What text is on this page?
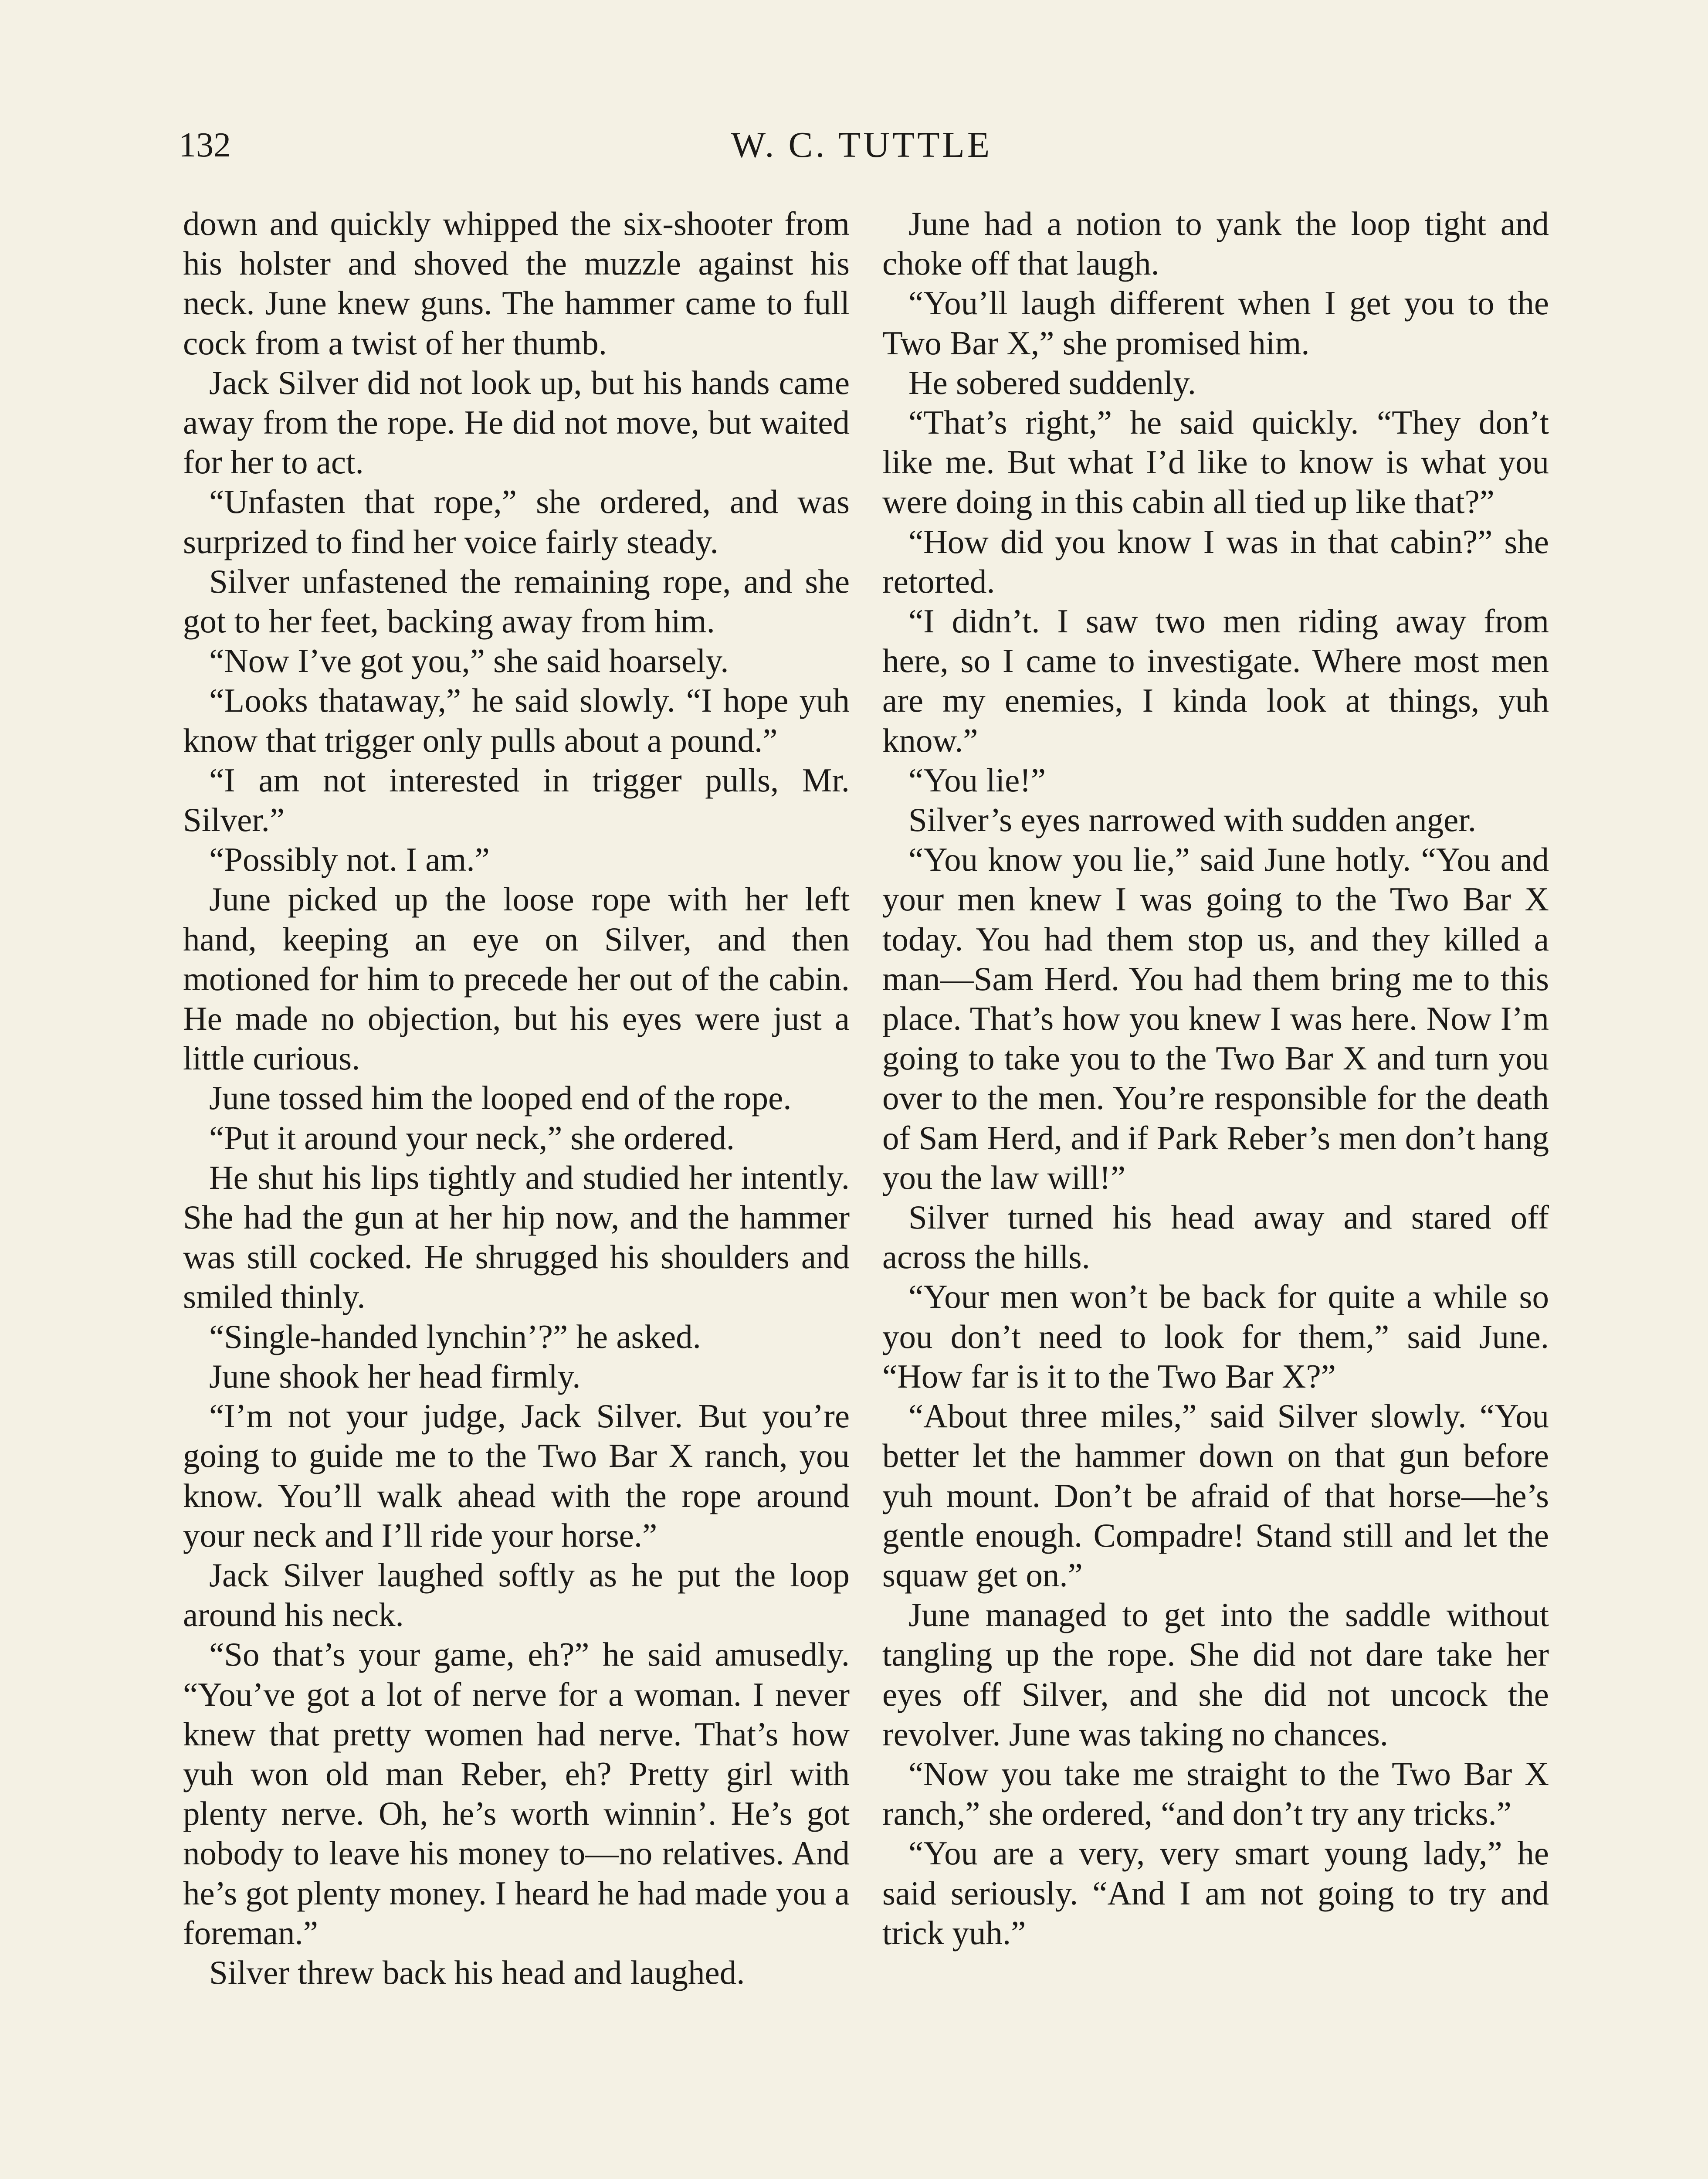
132	W. C. TUTTLE

down and quickly whipped the six-shooter from his holster and shoved the muzzle against his neck. June knew guns. The hammer came to full cock from a twist of her thumb.

Jack Silver did not look up, but his hands came away from the rope. He did not move, but waited for her to act.

“Unfasten that rope,” she ordered, and was surprized to find her voice fairly steady.

Silver unfastened the remaining rope, and she got to her feet, backing away from him.

“Now I’ve got you,” she said hoarsely.

“Looks thataway,” he said slowly. “I hope yuh know that trigger only pulls about a pound.”

“I am not interested in trigger pulls, Mr. Silver.”

“Possibly not. I am.”

June picked up the loose rope with her left hand, keeping an eye on Silver, and then motioned for him to precede her out of the cabin. He made no objection, but his eyes were just a little curious.

June tossed him the looped end of the rope.

“Put it around your neck,” she ordered.

He shut his lips tightly and studied her intently. She had the gun at her hip now, and the hammer was still cocked. He shrugged his shoulders and smiled thinly.

“Single-handed lynchin’?” he asked.

June shook her head firmly.

“I’m not your judge, Jack Silver. But you’re going to guide me to the Two Bar X ranch, you know. You’ll walk ahead with the rope around your neck and I’ll ride your horse.”

Jack Silver laughed softly as he put the loop around his neck.

“So that’s your game, eh?” he said amusedly. “You’ve got a lot of nerve for a woman. I never knew that pretty women had nerve. That’s how yuh won old man Reber, eh? Pretty girl with plenty nerve. Oh, he’s worth winnin’. He’s got nobody to leave his money to—no relatives. And he’s got plenty money. I heard he had made you a foreman.”

Silver threw back his head and laughed.

June had a notion to yank the loop tight and choke off that laugh.

“You’ll laugh different when I get you to the Two Bar X,” she promised him.

He sobered suddenly.

“That’s right,” he said quickly. “They don’t like me. But what I’d like to know is what you were doing in this cabin all tied up like that?”

“How did you know I was in that cabin?” she retorted.

“I didn’t. I saw two men riding away from here, so I came to investigate. Where most men are my enemies, I kinda look at things, yuh know.”

“You lie!”

Silver’s eyes narrowed with sudden anger.

“You know you lie,” said June hotly. “You and your men knew I was going to the Two Bar X today. You had them stop us, and they killed a man—Sam Herd. You had them bring me to this place. That’s how you knew I was here. Now I’m going to take you to the Two Bar X and turn you over to the men. You’re responsible for the death of Sam Herd, and if Park Reber’s men don’t hang you the law will!”

Silver turned his head away and stared off across the hills.

“Your men won’t be back for quite a while so you don’t need to look for them,” said June. “How far is it to the Two Bar X?”

“About three miles,” said Silver slowly. “You better let the hammer down on that gun before yuh mount. Don’t be afraid of that horse—he’s gentle enough. Compadre! Stand still and let the squaw get on.”

June managed to get into the saddle without tangling up the rope. She did not dare take her eyes off Silver, and she did not uncock the revolver. June was taking no chances.

“Now you take me straight to the Two Bar X ranch,” she ordered, “and don’t try any tricks.”

“You are a very, very smart young lady,” he said seriously. “And I am not going to try and trick yuh.”
